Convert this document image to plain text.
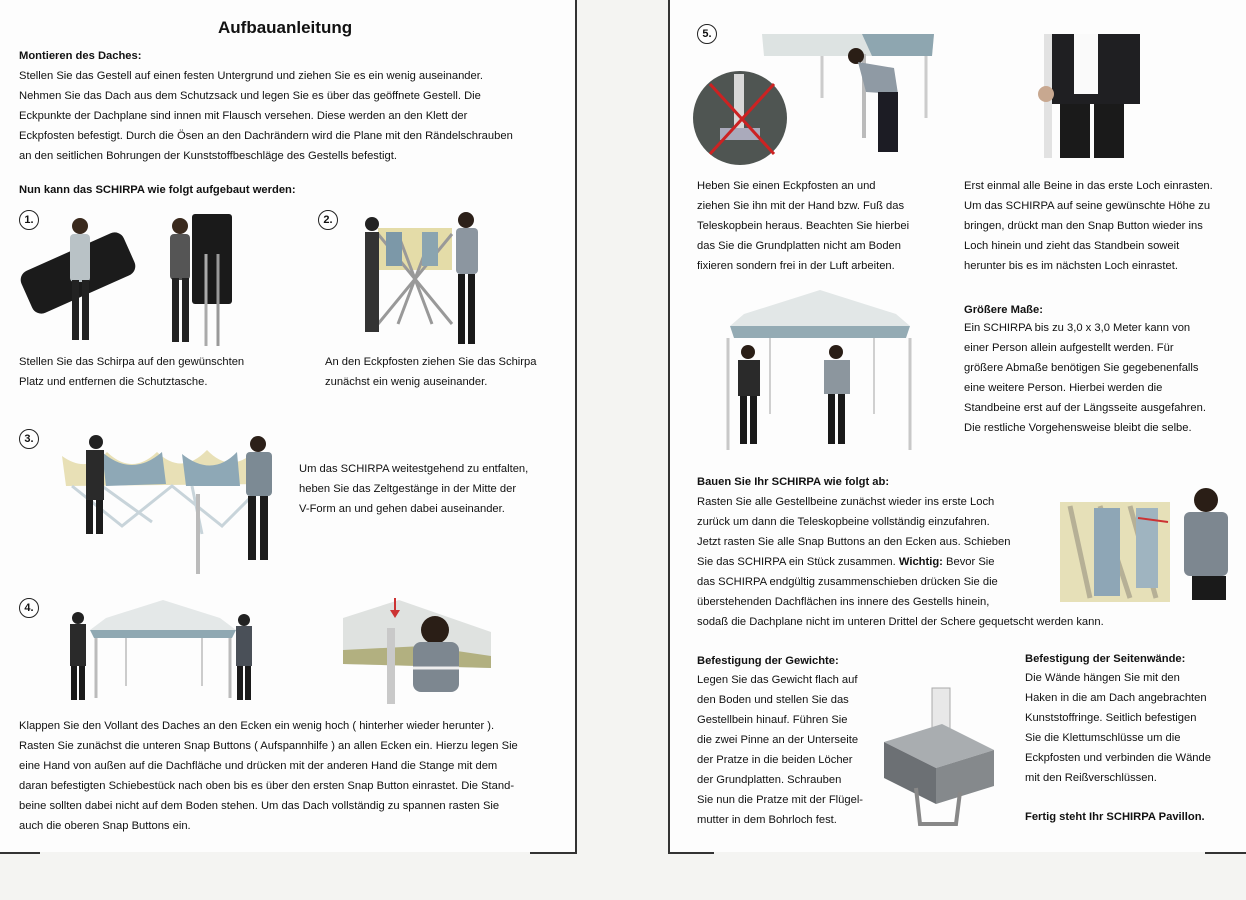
Aufbauanleitung
Montieren des Daches:
Stellen Sie das Gestell auf einen festen Untergrund und ziehen Sie es ein wenig auseinander.
Nehmen Sie das Dach aus dem Schutzsack und legen Sie es über das geöffnete Gestell. Die
Eckpunkte der Dachplane sind innen mit Flausch versehen. Diese werden an den Klett der
Eckpfosten befestigt. Durch die Ösen an den Dachrändern wird die Plane mit den Rändelschrauben
an den seitlichen Bohrungen der Kunststoffbeschläge des Gestells befestigt.
Nun kann das SCHIRPA wie folgt aufgebaut werden:
1.
Stellen Sie das Schirpa auf den gewünschten
Platz und entfernen die Schutztasche.
2.
An den Eckpfosten ziehen Sie das Schirpa
zunächst ein wenig auseinander.
3.
Um das SCHIRPA weitestgehend zu entfalten,
heben Sie das Zeltgestänge in der Mitte der
V-Form an und gehen dabei auseinander.
4.
Klappen Sie den Vollant des Daches an den Ecken ein wenig hoch ( hinterher wieder herunter ).
Rasten Sie zunächst die unteren Snap Buttons ( Aufspannhilfe ) an allen Ecken ein. Hierzu legen Sie
eine Hand von außen auf die Dachfläche und drücken mit der anderen Hand die Stange mit dem
daran befestigten Schiebestück nach oben bis es über den ersten Snap Button einrastet. Die Stand-
beine sollten dabei nicht auf dem Boden stehen. Um das Dach vollständig zu spannen rasten Sie
auch die oberen Snap Buttons ein.
5.
Heben Sie einen Eckpfosten an und
ziehen Sie ihn mit der Hand bzw. Fuß das
Teleskopbein heraus. Beachten Sie hierbei
das Sie die Grundplatten nicht am Boden
fixieren sondern frei in der Luft arbeiten.
Erst einmal alle Beine in das erste Loch einrasten.
Um das SCHIRPA auf seine gewünschte Höhe zu
bringen, drückt man den Snap Button wieder ins
Loch hinein und zieht das Standbein soweit
herunter bis es im nächsten Loch einrastet.
Größere Maße:
Ein SCHIRPA bis zu 3,0 x 3,0 Meter kann von
einer Person allein aufgestellt werden. Für
größere Abmaße benötigen Sie gegebenenfalls
eine weitere Person. Hierbei werden die
Standbeine erst auf der Längsseite ausgefahren.
Die restliche Vorgehensweise bleibt die selbe.
Bauen Sie Ihr SCHIRPA wie folgt ab:
Rasten Sie alle Gestellbeine zunächst wieder ins erste Loch
zurück um dann die Teleskopbeine vollständig einzufahren.
Jetzt rasten Sie alle Snap Buttons an den Ecken aus. Schieben
Sie das SCHIRPA ein Stück zusammen. Wichtig: Bevor Sie
das SCHIRPA endgültig zusammenschieben drücken Sie die
überstehenden Dachflächen ins innere des Gestells hinein,
sodaß die Dachplane nicht im unteren Drittel der Schere gequetscht werden kann.
Befestigung der Gewichte:
Legen Sie das Gewicht flach auf
den Boden und stellen Sie das
Gestellbein hinauf. Führen Sie
die zwei Pinne an der Unterseite
der Pratze in die beiden Löcher
der Grundplatten. Schrauben
Sie nun die Pratze mit der Flügel-
mutter in dem Bohrloch fest.
Befestigung der Seitenwände:
Die Wände hängen Sie mit den
Haken in die am Dach angebrachten
Kunststoffringe. Seitlich befestigen
Sie die Klettumschlüsse um die
Eckpfosten und verbinden die Wände
mit den Reißverschlüssen.
Fertig steht Ihr SCHIRPA Pavillon.
